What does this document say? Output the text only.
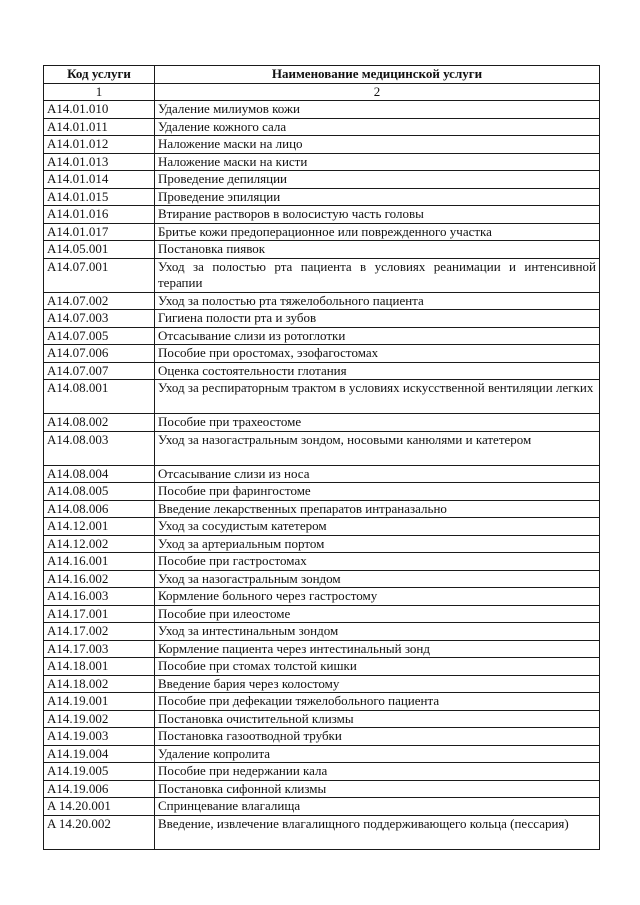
Код услуги	Наименование медицинской услуги
1	2
A14.01.010	Удаление милиумов кожи
A14.01.011	Удаление кожного сала
A14.01.012	Наложение маски на лицо
A14.01.013	Наложение маски на кисти
A14.01.014	Проведение депиляции
A14.01.015	Проведение эпиляции
A14.01.016	Втирание растворов в волосистую часть головы
A14.01.017	Бритье кожи предоперационное или поврежденного участка
A14.05.001	Постановка пиявок
A14.07.001	Уход за полостью рта пациента в условиях реанимации и интенсивной терапии
A14.07.002	Уход за полостью рта тяжелобольного пациента
A14.07.003	Гигиена полости рта и зубов
A14.07.005	Отсасывание слизи из ротоглотки
A14.07.006	Пособие при оростомах, эзофагостомах
A14.07.007	Оценка состоятельности глотания
A14.08.001	Уход за респираторным трактом в условиях искусственной вентиляции легких
A14.08.002	Пособие при трахеостоме
A14.08.003	Уход за назогастральным зондом, носовыми канюлями и катетером
A14.08.004	Отсасывание слизи из носа
A14.08.005	Пособие при фарингостоме
A14.08.006	Введение лекарственных препаратов интраназально
A14.12.001	Уход за сосудистым катетером
A14.12.002	Уход за артериальным портом
A14.16.001	Пособие при гастростомах
A14.16.002	Уход за назогастральным зондом
A14.16.003	Кормление больного через гастростому
A14.17.001	Пособие при илеостоме
A14.17.002	Уход за интестинальным зондом
A14.17.003	Кормление пациента через интестинальный зонд
A14.18.001	Пособие при стомах толстой кишки
A14.18.002	Введение бария через колостому
A14.19.001	Пособие при дефекации тяжелобольного пациента
A14.19.002	Постановка очистительной клизмы
A14.19.003	Постановка газоотводной трубки
A14.19.004	Удаление копролита
A14.19.005	Пособие при недержании кала
A14.19.006	Постановка сифонной клизмы
A 14.20.001	Спринцевание влагалища
A 14.20.002	Введение, извлечение влагалищного поддерживающего кольца (пессария)
